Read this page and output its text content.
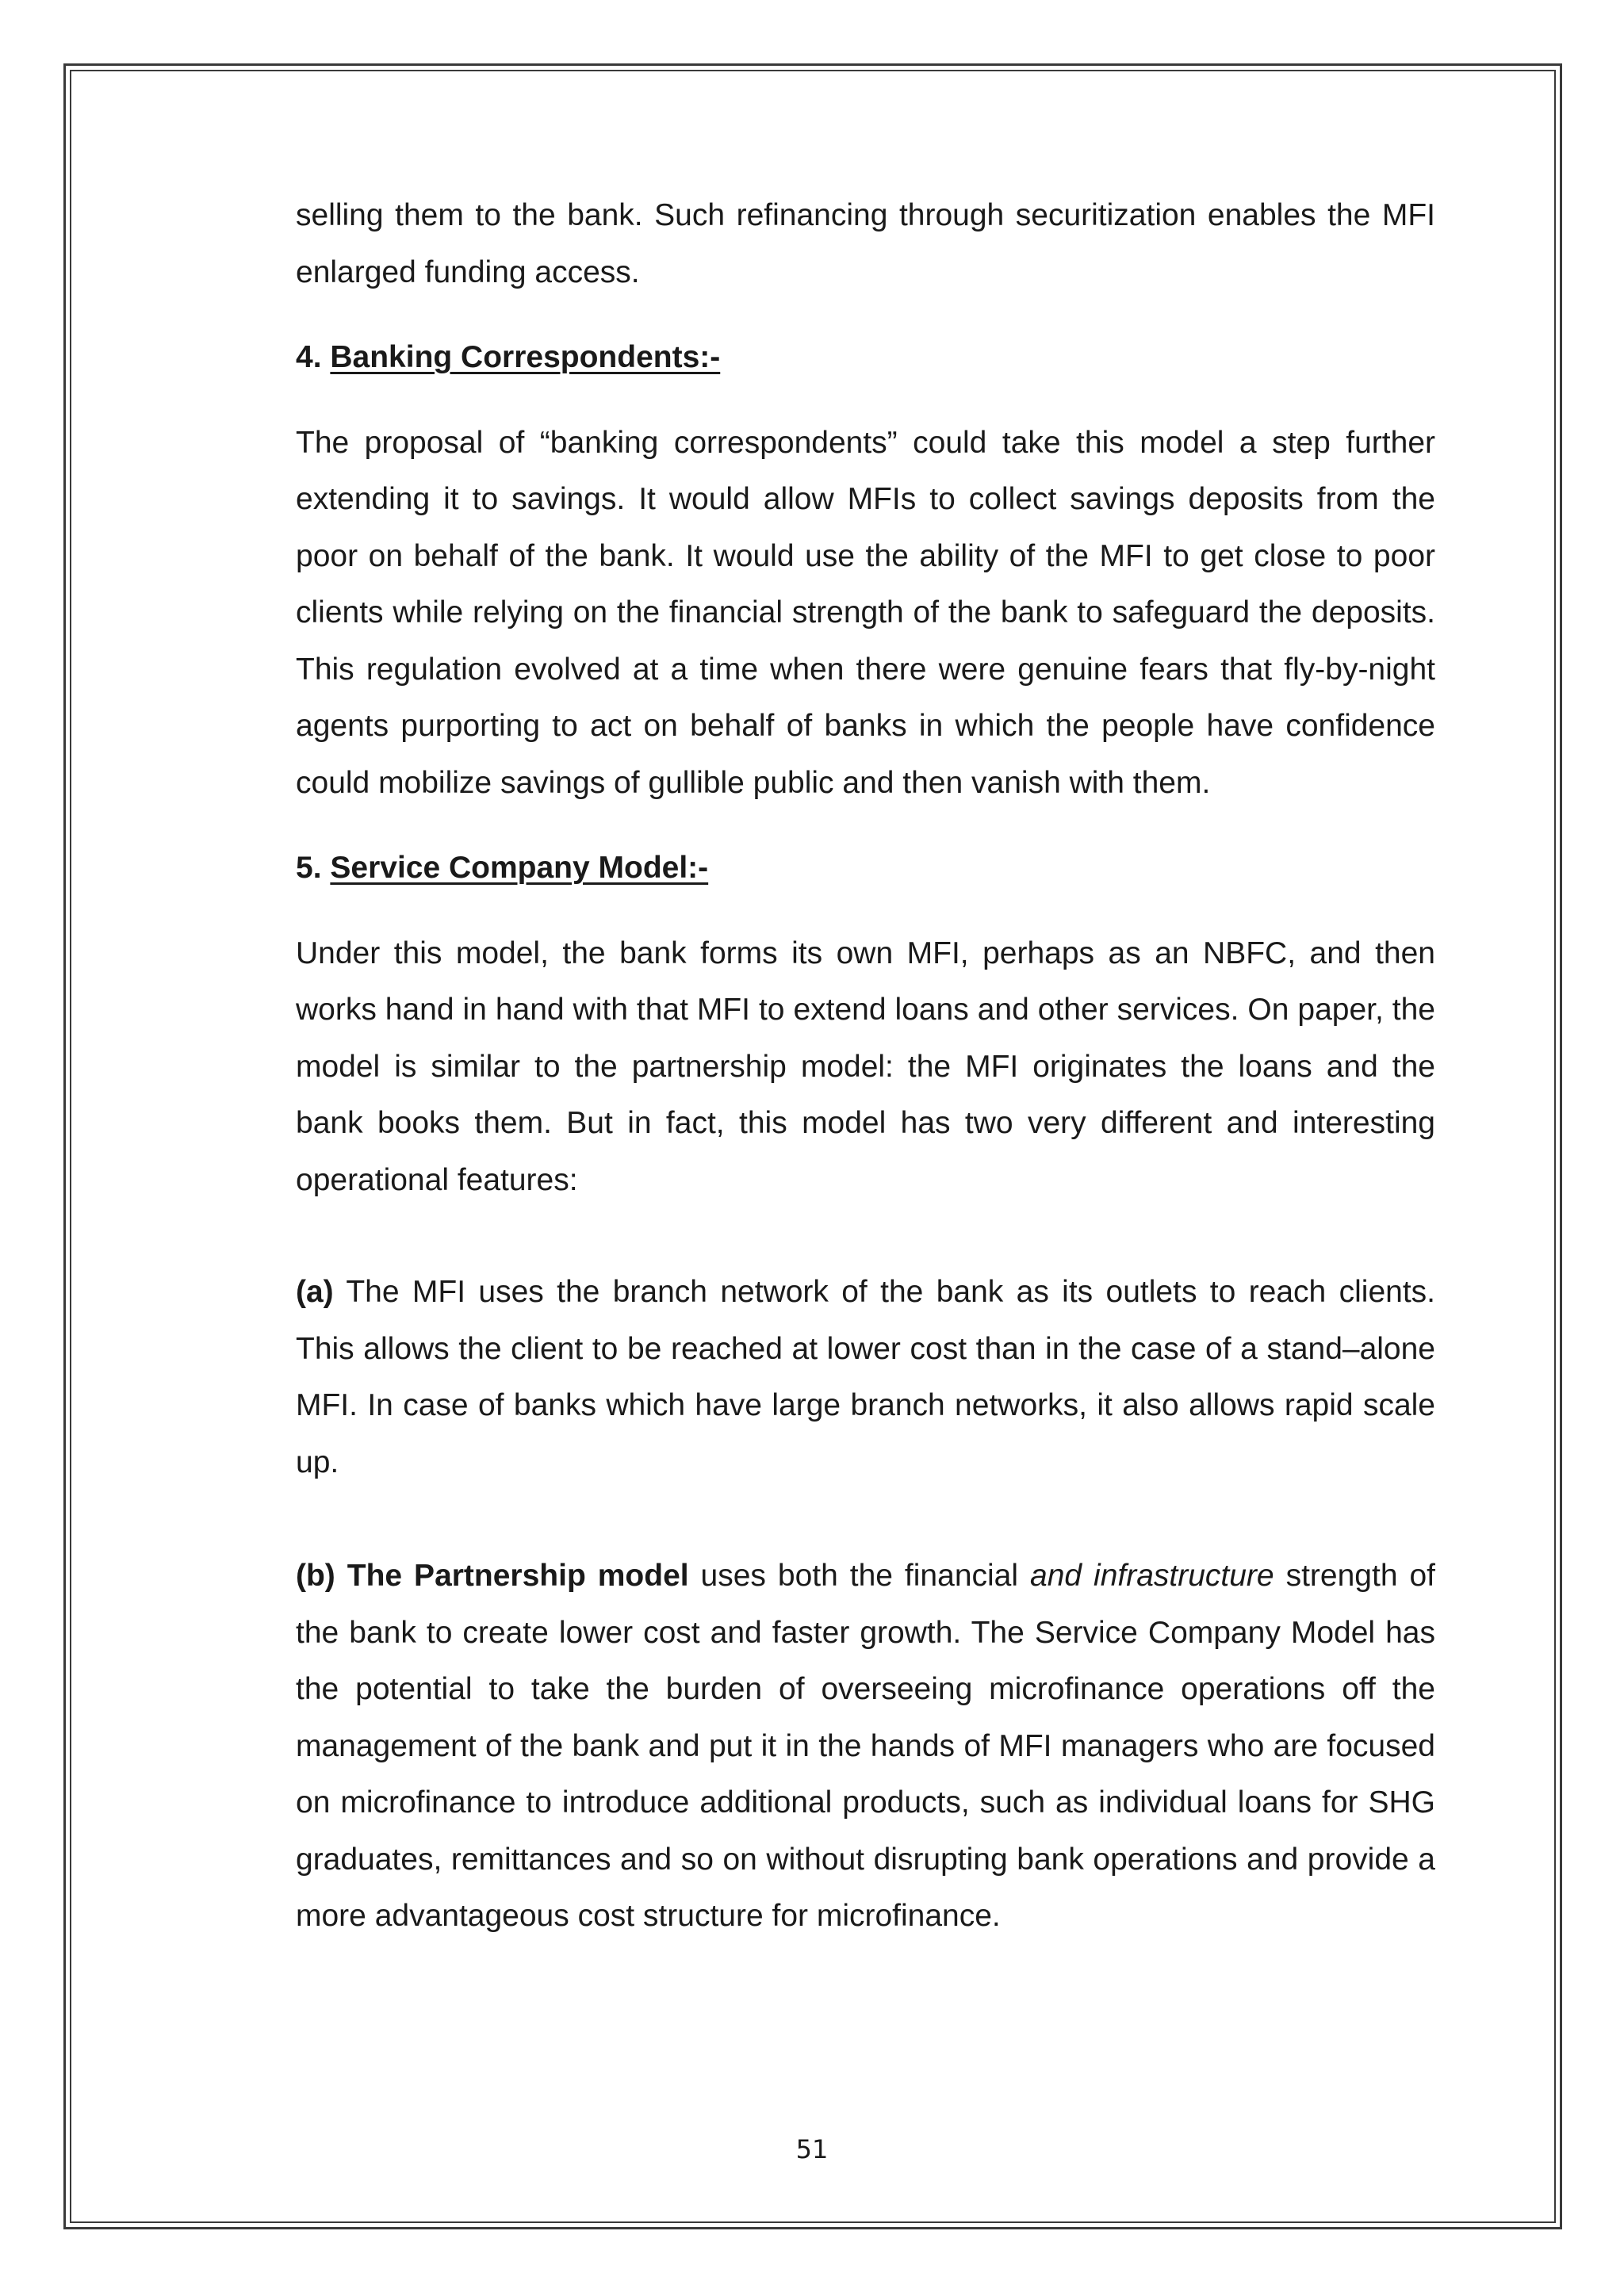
selling them to the bank. Such refinancing through securitization enables the MFI enlarged funding access.

4. Banking Correspondents:-

The proposal of “banking correspondents” could take this model a step further extending it to savings. It would allow MFIs to collect savings deposits from the poor on behalf of the bank. It would use the ability of the MFI to get close to poor clients while relying on the financial strength of the bank to safeguard the deposits. This regulation evolved at a time when there were genuine fears that fly-by-night agents purporting to act on behalf of banks in which the people have confidence could mobilize savings of gullible public and then vanish with them.

5. Service Company Model:-

Under this model, the bank forms its own MFI, perhaps as an NBFC, and then works hand in hand with that MFI to extend loans and other services. On paper, the model is similar to the partnership model: the MFI originates the loans and the bank books them. But in fact, this model has two very different and interesting operational features:

(a) The MFI uses the branch network of the bank as its outlets to reach clients. This allows the client to be reached at lower cost than in the case of a stand–alone MFI. In case of banks which have large branch networks, it also allows rapid scale up.

(b) The Partnership model uses both the financial and infrastructure strength of the bank to create lower cost and faster growth. The Service Company Model has the potential to take the burden of overseeing microfinance operations off the management of the bank and put it in the hands of MFI managers who are focused on microfinance to introduce additional products, such as individual loans for SHG graduates, remittances and so on without disrupting bank operations and provide a more advantageous cost structure for microfinance.

51
